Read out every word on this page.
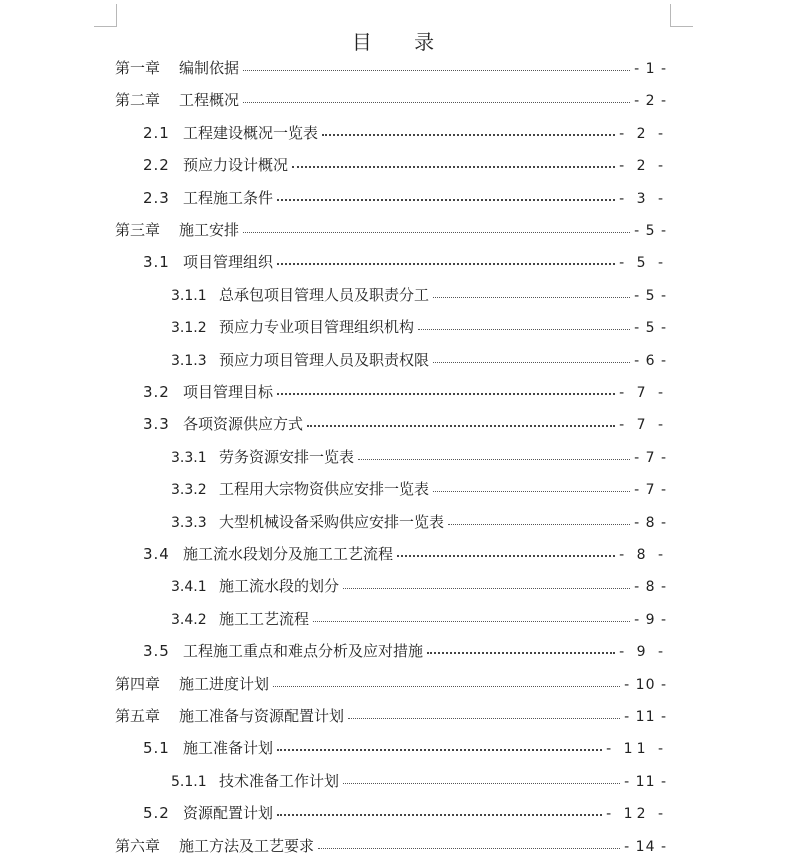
目 录
第一章	编制依据	- 1 -
第二章	工程概况	- 2 -
2.1 工程建设概况一览表	- 2 -
2.2 预应力设计概况	- 2 -
2.3 工程施工条件	- 3 -
第三章	施工安排	- 5 -
3.1 项目管理组织	- 5 -
3.1.1 总承包项目管理人员及职责分工	- 5 -
3.1.2 预应力专业项目管理组织机构	- 5 -
3.1.3 预应力项目管理人员及职责权限	- 6 -
3.2 项目管理目标	- 7 -
3.3 各项资源供应方式	- 7 -
3.3.1 劳务资源安排一览表	- 7 -
3.3.2 工程用大宗物资供应安排一览表	- 7 -
3.3.3 大型机械设备采购供应安排一览表	- 8 -
3.4 施工流水段划分及施工工艺流程	- 8 -
3.4.1 施工流水段的划分	- 8 -
3.4.2 施工工艺流程	- 9 -
3.5 工程施工重点和难点分析及应对措施	- 9 -
第四章	施工进度计划	- 10 -
第五章	施工准备与资源配置计划	- 11 -
5.1 施工准备计划	- 11 -
5.1.1 技术准备工作计划	- 11 -
5.2 资源配置计划	- 12 -
第六章	施工方法及工艺要求	- 14 -
